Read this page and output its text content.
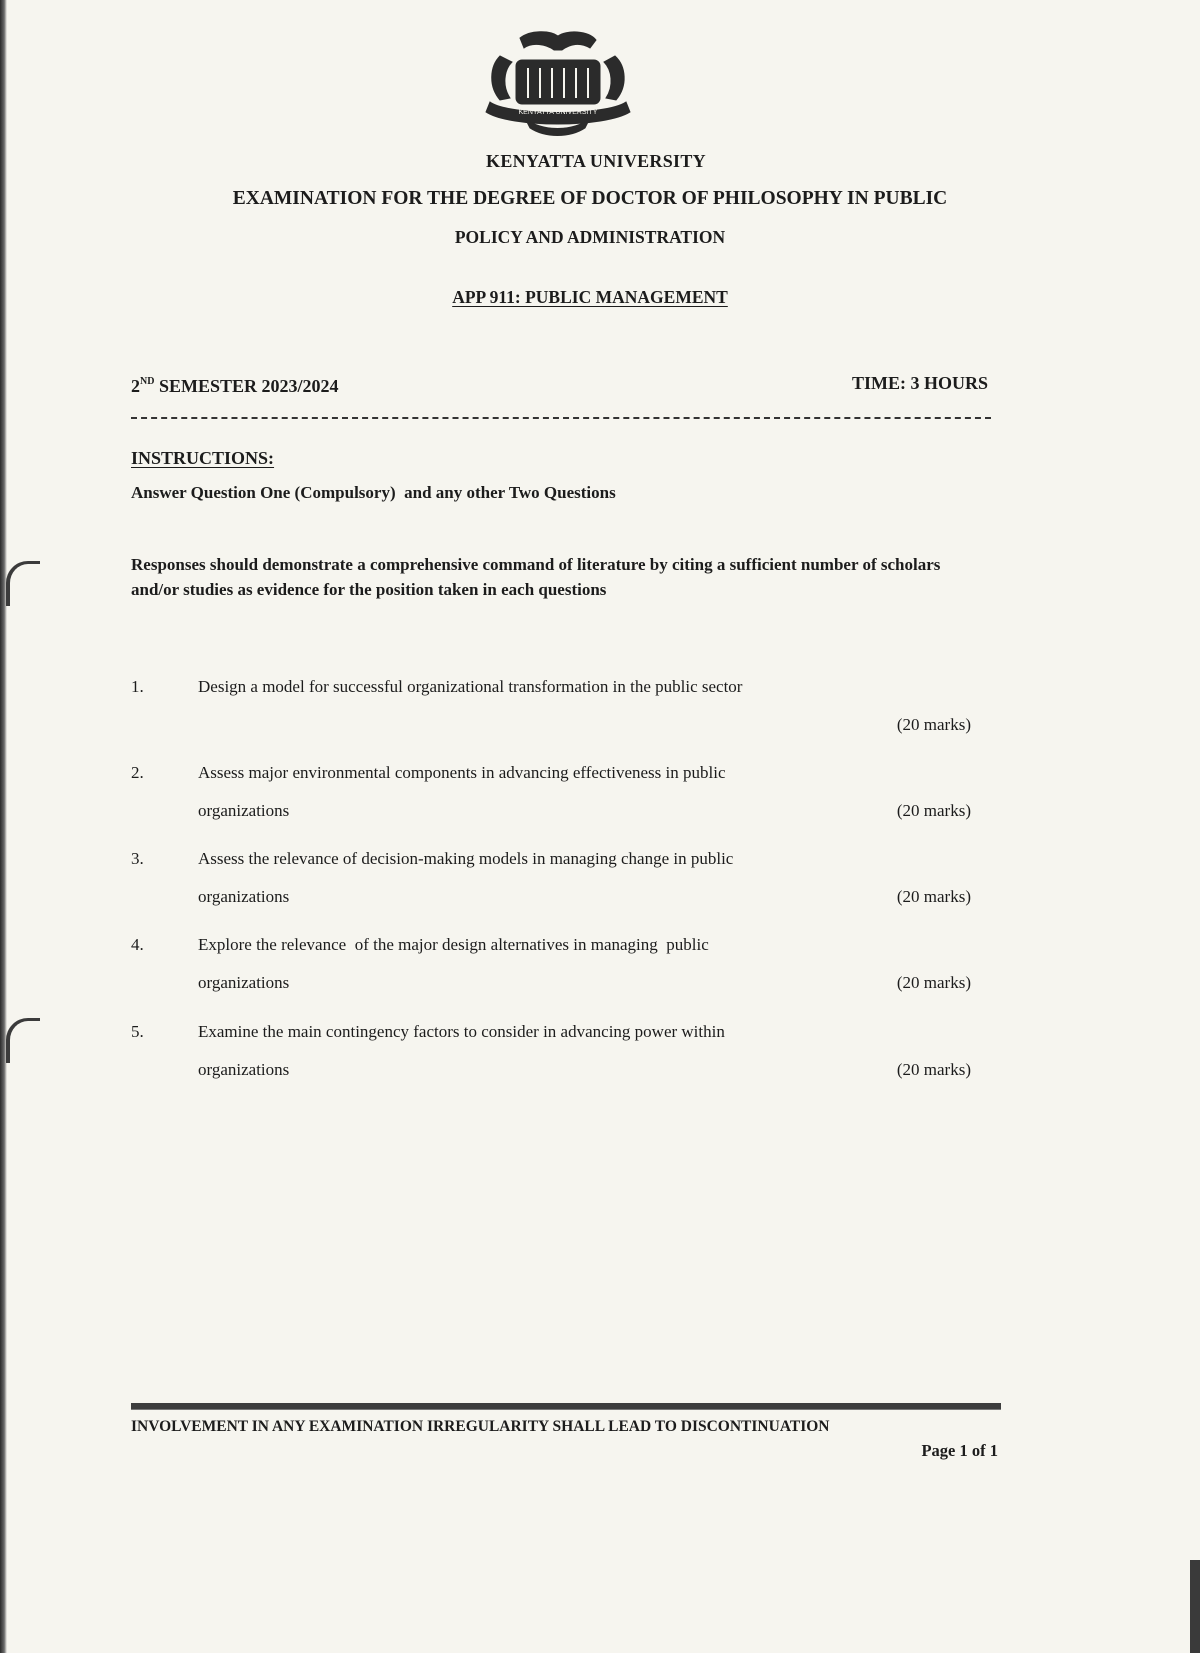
KENYATTA UNIVERSITY
KENYATTA UNIVERSITY
EXAMINATION FOR THE DEGREE OF DOCTOR OF PHILOSOPHY IN PUBLIC
POLICY AND ADMINISTRATION
APP 911: PUBLIC MANAGEMENT
2ND SEMESTER 2023/2024	TIME: 3 HOURS
INSTRUCTIONS:
Answer Question One (Compulsory)  and any other Two Questions
Responses should demonstrate a comprehensive command of literature by citing a sufficient number of scholars and/or studies as evidence for the position taken in each questions
1.	Design a model for successful organizational transformation in the public sector
(20 marks)
2.	Assess major environmental components in advancing effectiveness in public
organizations	(20 marks)
3.	Assess the relevance of decision-making models in managing change in public
organizations	(20 marks)
4.	Explore the relevance  of the major design alternatives in managing  public
organizations	(20 marks)
5.	Examine the main contingency factors to consider in advancing power within
organizations	(20 marks)
INVOLVEMENT IN ANY EXAMINATION IRREGULARITY SHALL LEAD TO DISCONTINUATION
Page 1 of 1
